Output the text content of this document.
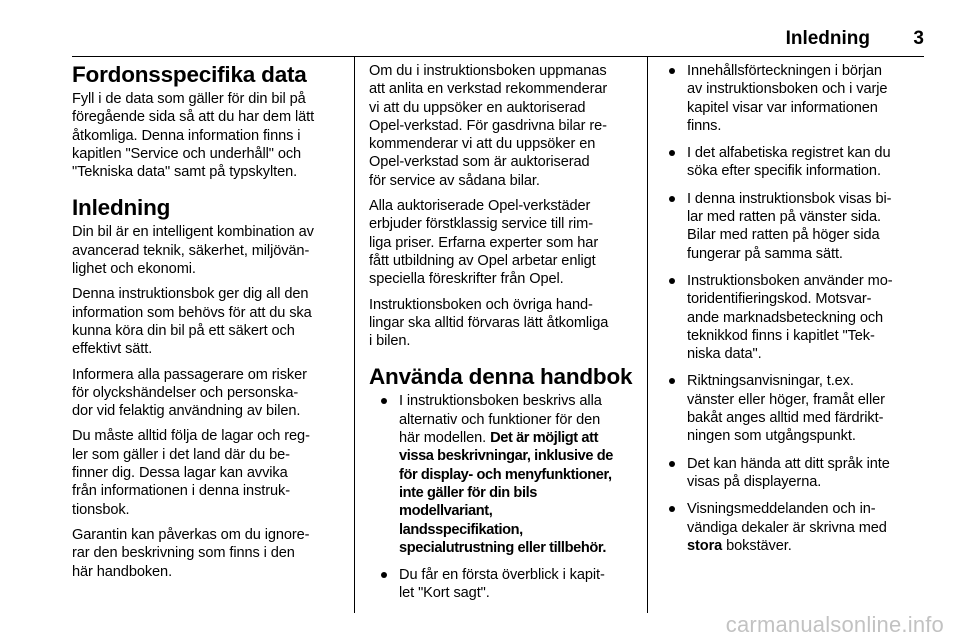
Inledning 3
Fordonsspecifika data

Fyll i de data som gäller för din bil på
föregående sida så att du har dem lätt
åtkomliga. Denna information finns i
kapitlen "Service och underhåll" och
"Tekniska data" samt på typskylten.

Inledning

Din bil är en intelligent kombination av
avancerad teknik, säkerhet, miljövän-
lighet och ekonomi.

Denna instruktionsbok ger dig all den
information som behövs för att du ska
kunna köra din bil på ett säkert och
effektivt sätt.

Informera alla passagerare om risker
för olyckshändelser och personska-
dor vid felaktig användning av bilen.

Du måste alltid följa de lagar och reg-
ler som gäller i det land där du be-
finner dig. Dessa lagar kan avvika
från informationen i denna instruk-
tionsbok.

Garantin kan påverkas om du ignore-
rar den beskrivning som finns i den
här handboken.

Om du i instruktionsboken uppmanas
att anlita en verkstad rekommenderar
vi att du uppsöker en auktoriserad
Opel-verkstad. För gasdrivna bilar re-
kommenderar vi att du uppsöker en
Opel-verkstad som är auktoriserad
för service av sådana bilar.

Alla auktoriserade Opel-verkstäder
erbjuder förstklassig service till rim-
liga priser. Erfarna experter som har
fått utbildning av Opel arbetar enligt
speciella föreskrifter från Opel.

Instruktionsboken och övriga hand-
lingar ska alltid förvaras lätt åtkomliga
i bilen.

Använda denna handbok
I instruktionsboken beskrivs alla
alternativ och funktioner för den
här modellen. Det är möjligt att
vissa beskrivningar, inklusive de
för display- och menyfunktioner,
inte gäller för din bils
modellvariant,
landsspecifikation,
specialutrustning eller tillbehör.
Du får en första överblick i kapit-
let "Kort sagt".
Innehållsförteckningen i början
av instruktionsboken och i varje
kapitel visar var informationen
finns.
I det alfabetiska registret kan du
söka efter specifik information.
I denna instruktionsbok visas bi-
lar med ratten på vänster sida.
Bilar med ratten på höger sida
fungerar på samma sätt.
Instruktionsboken använder mo-
toridentifieringskod. Motsvar-
ande marknadsbeteckning och
teknikkod finns i kapitlet "Tek-
niska data".
Riktningsanvisningar, t.ex.
vänster eller höger, framåt eller
bakåt anges alltid med färdrikt-
ningen som utgångspunkt.
Det kan hända att ditt språk inte
visas på displayerna.
Visningsmeddelanden och in-
vändiga dekaler är skrivna med
stora bokstäver.
carmanualsonline.info
